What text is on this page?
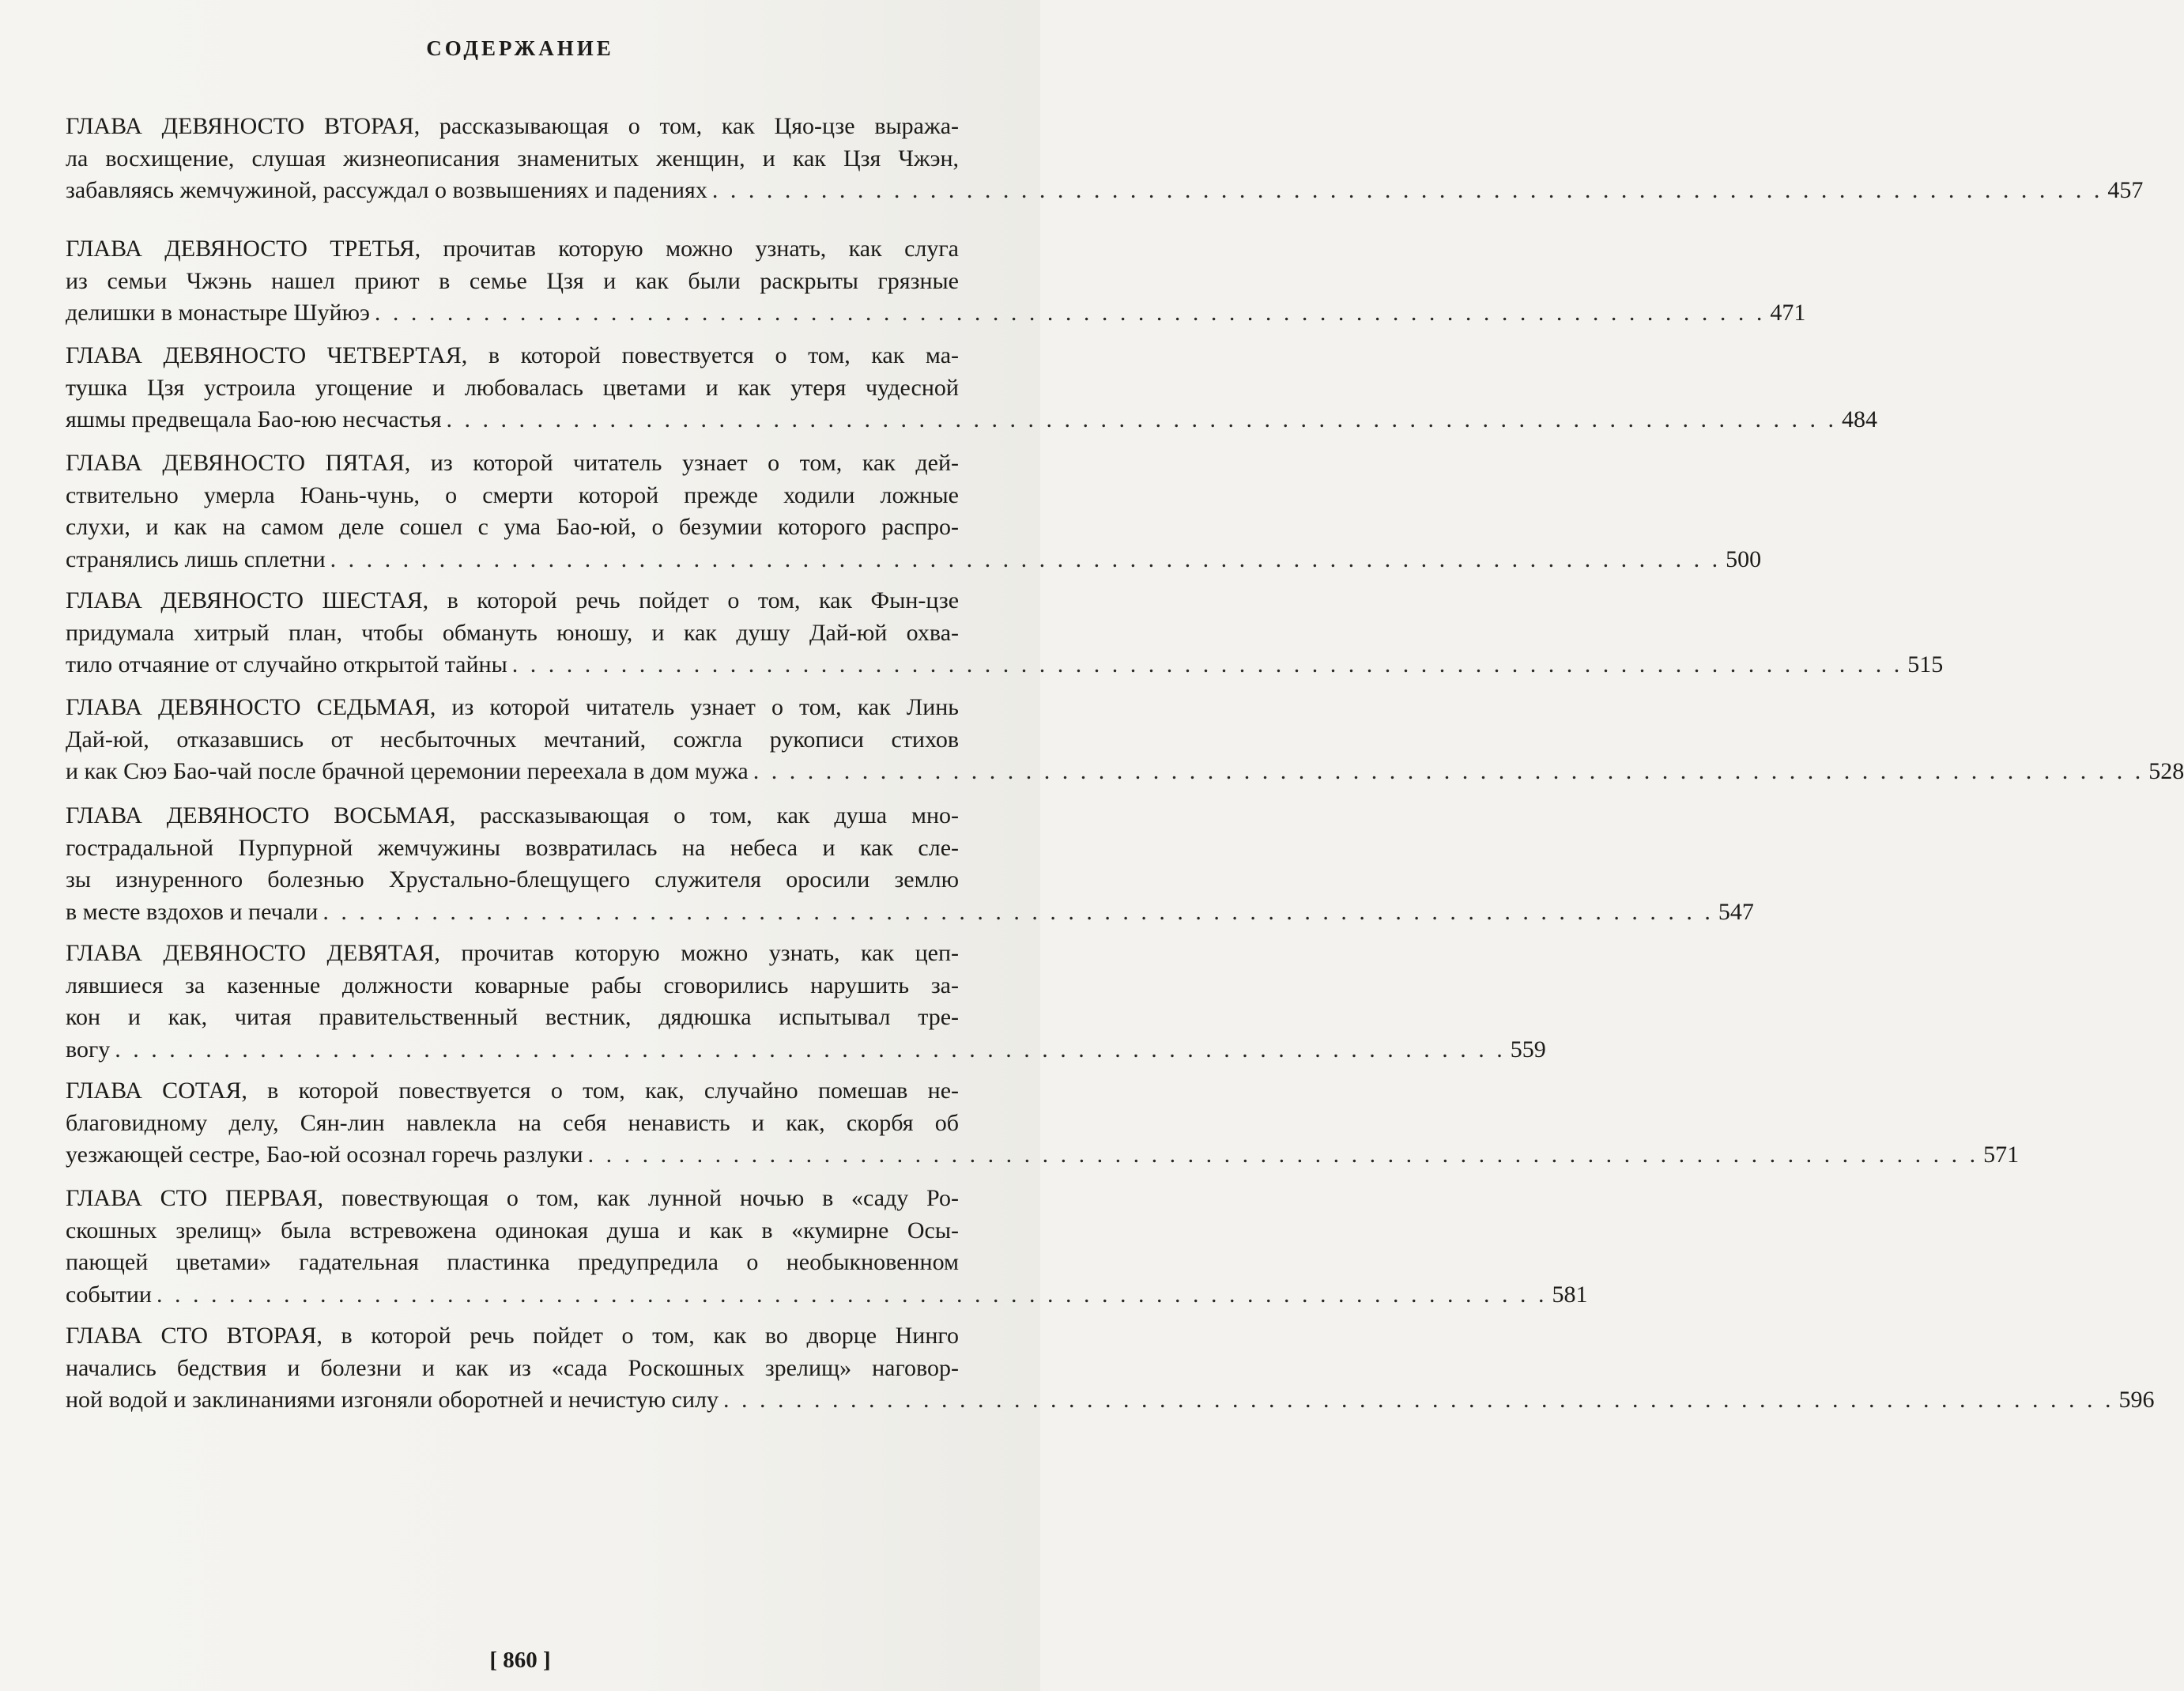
СОДЕРЖАНИЕ
ГЛАВА ДЕВЯНОСТО ВТОРАЯ, рассказывающая о том, как Цяо-цзе выража-
ла восхищение, слушая жизнеописания знаменитых женщин, и как Цзя Чжэн,
забавляясь жемчужиной, рассуждал о возвышениях и падениях . . . . . . . . . . . . . . . . . . . . . . . . . . . . . . . . . . . . . . . . . . . . . . . . . . . . . . . . . . . . . . . . . . . . . . . . . . . . . 457
ГЛАВА ДЕВЯНОСТО ТРЕТЬЯ, прочитав которую можно узнать, как слуга
из семьи Чжэнь нашел приют в семье Цзя и как были раскрыты грязные
делишки в монастыре Шуйюэ . . . . . . . . . . . . . . . . . . . . . . . . . . . . . . . . . . . . . . . . . . . . . . . . . . . . . . . . . . . . . . . . . . . . . . . . . . . . . 471
ГЛАВА ДЕВЯНОСТО ЧЕТВЕРТАЯ, в которой повествуется о том, как ма-
тушка Цзя устроила угощение и любовалась цветами и как утеря чудесной
яшмы предвещала Бао-юю несчастья . . . . . . . . . . . . . . . . . . . . . . . . . . . . . . . . . . . . . . . . . . . . . . . . . . . . . . . . . . . . . . . . . . . . . . . . . . . . . 484
ГЛАВА ДЕВЯНОСТО ПЯТАЯ, из которой читатель узнает о том, как дей-
ствительно умерла Юань-чунь, о смерти которой прежде ходили ложные
слухи, и как на самом деле сошел с ума Бао-юй, о безумии которого распро-
странялись лишь сплетни . . . . . . . . . . . . . . . . . . . . . . . . . . . . . . . . . . . . . . . . . . . . . . . . . . . . . . . . . . . . . . . . . . . . . . . . . . . . . 500
ГЛАВА ДЕВЯНОСТО ШЕСТАЯ, в которой речь пойдет о том, как Фын-цзе
придумала хитрый план, чтобы обмануть юношу, и как душу Дай-юй охва-
тило отчаяние от случайно открытой тайны . . . . . . . . . . . . . . . . . . . . . . . . . . . . . . . . . . . . . . . . . . . . . . . . . . . . . . . . . . . . . . . . . . . . . . . . . . . . . 515
ГЛАВА ДЕВЯНОСТО СЕДЬМАЯ, из которой читатель узнает о том, как Линь
Дай-юй, отказавшись от несбыточных мечтаний, сожгла рукописи стихов
и как Сюэ Бао-чай после брачной церемонии переехала в дом мужа . . . . . . . . . . . . . . . . . . . . . . . . . . . . . . . . . . . . . . . . . . . . . . . . . . . . . . . . . . . . . . . . . . . . . . . . . . . . . 528
ГЛАВА ДЕВЯНОСТО ВОСЬМАЯ, рассказывающая о том, как душа мно-
гострадальной Пурпурной жемчужины возвратилась на небеса и как сле-
зы изнуренного болезнью Хрустально-блещущего служителя оросили землю
в месте вздохов и печали . . . . . . . . . . . . . . . . . . . . . . . . . . . . . . . . . . . . . . . . . . . . . . . . . . . . . . . . . . . . . . . . . . . . . . . . . . . . . 547
ГЛАВА ДЕВЯНОСТО ДЕВЯТАЯ, прочитав которую можно узнать, как цеп-
лявшиеся за казенные должности коварные рабы сговорились нарушить за-
кон и как, читая правительственный вестник, дядюшка испытывал тре-
вогу . . . . . . . . . . . . . . . . . . . . . . . . . . . . . . . . . . . . . . . . . . . . . . . . . . . . . . . . . . . . . . . . . . . . . . . . . . . . . 559
ГЛАВА СОТАЯ, в которой повествуется о том, как, случайно помешав не-
благовидному делу, Сян-лин навлекла на себя ненависть и как, скорбя об
уезжающей сестре, Бао-юй осознал горечь разлуки . . . . . . . . . . . . . . . . . . . . . . . . . . . . . . . . . . . . . . . . . . . . . . . . . . . . . . . . . . . . . . . . . . . . . . . . . . . . . 571
ГЛАВА СТО ПЕРВАЯ, повествующая о том, как лунной ночью в «саду Ро-
скошных зрелищ» была встревожена одинокая душа и как в «кумирне Осы-
пающей цветами» гадательная пластинка предупредила о необыкновенном
событии . . . . . . . . . . . . . . . . . . . . . . . . . . . . . . . . . . . . . . . . . . . . . . . . . . . . . . . . . . . . . . . . . . . . . . . . . . . . . 581
ГЛАВА СТО ВТОРАЯ, в которой речь пойдет о том, как во дворце Нинго
начались бедствия и болезни и как из «сада Роскошных зрелищ» наговор-
ной водой и заклинаниями изгоняли оборотней и нечистую силу . . . . . . . . . . . . . . . . . . . . . . . . . . . . . . . . . . . . . . . . . . . . . . . . . . . . . . . . . . . . . . . . . . . . . . . . . . . . . 596
[ 860 ]
